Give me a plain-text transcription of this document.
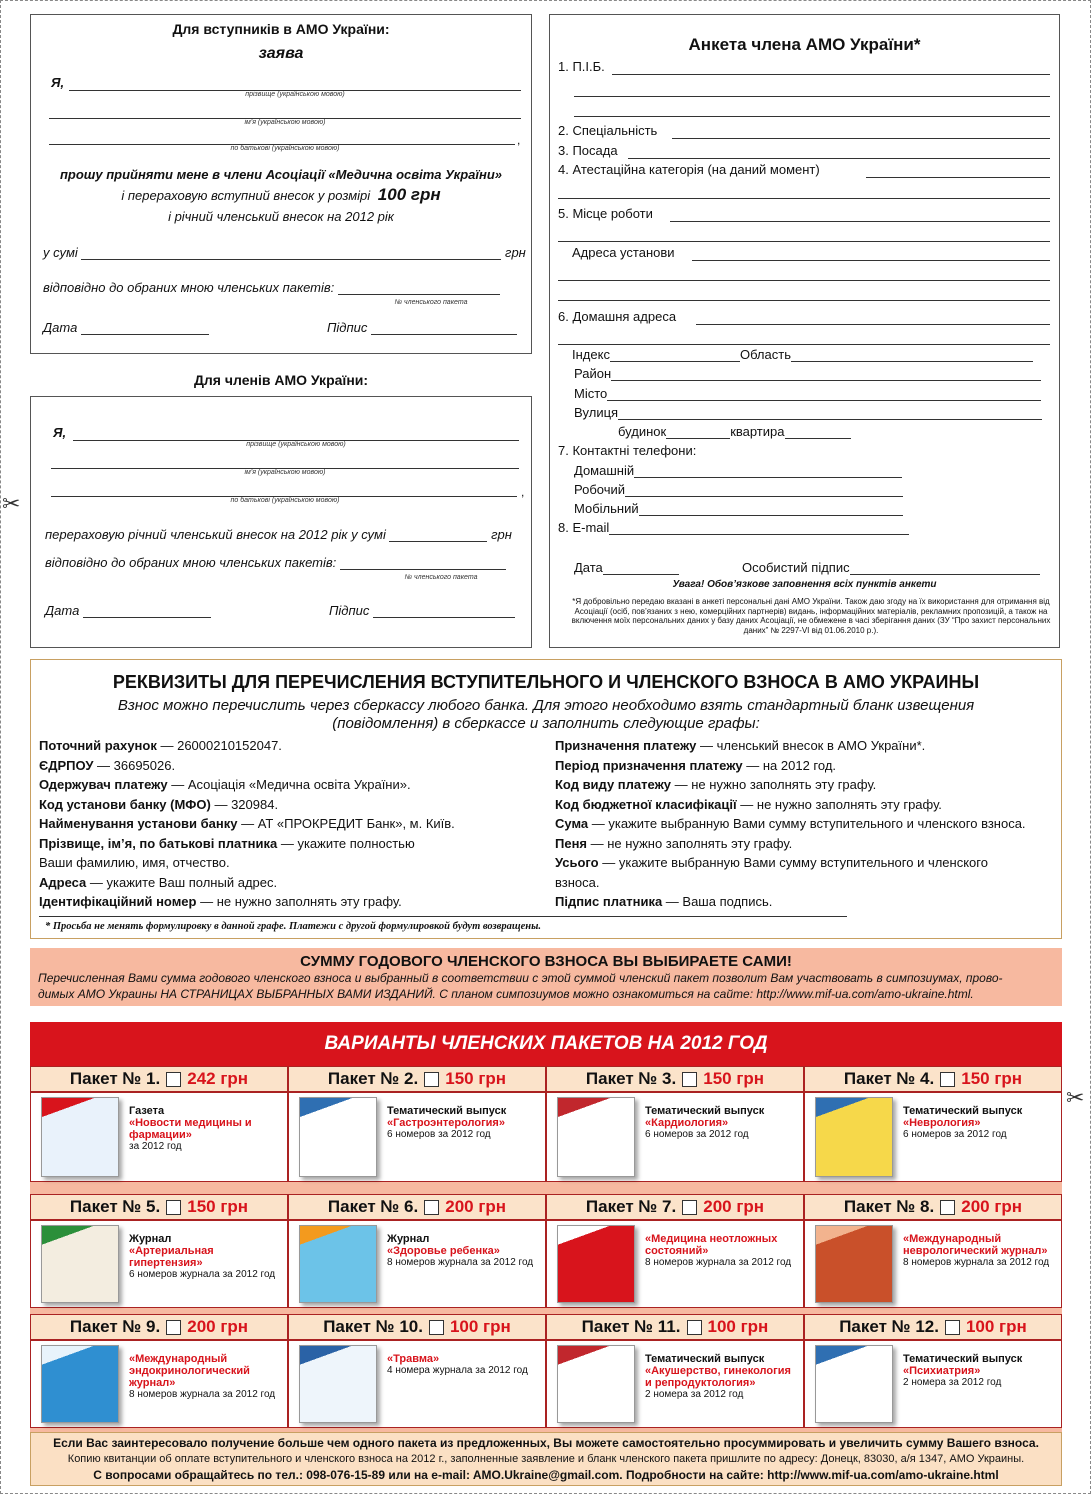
✂
✂
Для вступників в АМО України:
заява
Я,
прізвище (українською мовою)
ім'я (українською мовою)
,
по батькові (українською мовою)
прошу прийняти мене в члени Асоціації «Медична освіта України»
і перераховую вступний внесок у розмірі 100 грн
і річний членський внесок на 2012 рік
у сумі	грн
відповідно до обраних мною членських пакетів:
№ членського пакета
Дата	Підпис
Для членів АМО України:
Я,
прізвище (українською мовою)
ім'я (українською мовою)
,
по батькові (українською мовою)
перераховую річний членський внесок на 2012 рік у сумі	грн
відповідно до обраних мною членських пакетів:
№ членського пакета
Дата	Підпис
Анкета члена АМО України*
1. П.І.Б.
2. Спеціальність
3. Посада
4. Атестаційна категорія (на даний момент)
5. Місце роботи
Адреса установи
6. Домашня адреса
Індекс	Область
Район
Місто
Вулиця
будинок	квартира
7. Контактні телефони:
Домашній
Робочий
Мобільний
8. E-mail
Дата	Особистий підпис
Увага! Обов’язкове заповнення всіх пунктів анкети
*Я добровільно передаю вказані в анкеті персональні дані АМО України. Також даю згоду на їх використання для отримання від Асоціації (осіб, пов’язаних з нею, комерційних партнерів) видань, інформаційних матеріалів, рекламних пропозицій, а також на включення моїх персональних даних у базу даних Асоціації, не обмежене в часі зберігання даних (ЗУ “Про захист персональних даних” № 2297-VI від 01.06.2010 р.).
РЕКВИЗИТЫ ДЛЯ ПЕРЕЧИСЛЕНИЯ ВСТУПИТЕЛЬНОГО И ЧЛЕНСКОГО ВЗНОСА В АМО УКРАИНЫ
Взнос можно перечислить через сберкассу любого банка. Для этого необходимо взять стандартный бланк извещения
(повідомлення) в сберкассе и заполнить следующие графы:
Поточний рахунок — 26000210152047.
ЄДРПОУ — 36695026.
Одержувач платежу — Асоціація «Медична освіта України».
Код установи банку (МФО) — 320984.
Найменування установи банку — АТ «ПРОКРЕДИТ Банк», м. Київ.
Прізвище, ім’я, по батькові платника — укажите полностью
Ваши фамилию, имя, отчество.
Адреса — укажите Ваш полный адрес.
Ідентифікаційний номер — не нужно заполнять эту графу.
Призначення платежу — членський внесок в АМО України*.
Період призначення платежу — на 2012 год.
Код виду платежу — не нужно заполнять эту графу.
Код бюджетної класифікації — не нужно заполнять эту графу.
Сума — укажите выбранную Вами сумму вступительного и членского взноса.
Пеня — не нужно заполнять эту графу.
Усього — укажите выбранную Вами сумму вступительного и членского
взноса.
Підпис платника — Ваша подпись.
* Просьба не менять формулировку в данной графе. Платежи с другой формулировкой будут возвращены.
СУММУ ГОДОВОГО ЧЛЕНСКОГО ВЗНОСА ВЫ ВЫБИРАЕТЕ САМИ!
Перечисленная Вами сумма годового членского взноса и выбранный в соответствии с этой суммой членский пакет позволит Вам участвовать в симпозиумах, прово-
димых АМО Украины НА СТРАНИЦАХ ВЫБРАННЫХ ВАМИ ИЗДАНИЙ. С планом симпозиумов можно ознакомиться на сайте: http://www.mif-ua.com/amo-ukraine.html.
ВАРИАНТЫ ЧЛЕНСКИХ ПАКЕТОВ НА 2012 ГОД
Пакет № 1. 242 грн
Газета
«Новости медицины и фармации»
за 2012 год
Пакет № 2. 150 грн
Тематический выпуск
«Гастроэнтерология»
6 номеров за 2012 год
Пакет № 3. 150 грн
Тематический выпуск
«Кардиология»
6 номеров за 2012 год
Пакет № 4. 150 грн
Тематический выпуск
«Неврология»
6 номеров за 2012 год
Пакет № 5. 150 грн
Журнал
«Артериальная гипертензия»
6 номеров журнала за 2012 год
Пакет № 6. 200 грн
Журнал
«Здоровье ребенка»
8 номеров журнала за 2012 год
Пакет № 7. 200 грн
«Медицина неотложных состояний»
8 номеров журнала за 2012 год
Пакет № 8. 200 грн
«Международный неврологический журнал»
8 номеров журнала за 2012 год
Пакет № 9. 200 грн
«Международный эндокринологический журнал»
8 номеров журнала за 2012 год
Пакет № 10. 100 грн
«Травма»
4 номера журнала за 2012 год
Пакет № 11. 100 грн
Тематический выпуск
«Акушерство, гинекология и репродуктология»
2 номера за 2012 год
Пакет № 12. 100 грн
Тематический выпуск
«Психиатрия»
2 номера за 2012 год
Если Вас заинтересовало получение больше чем одного пакета из предложенных, Вы можете самостоятельно просуммировать и увеличить сумму Вашего взноса.
Копию квитанции об оплате вступительного и членского взноса на 2012 г., заполненные заявление и бланк членского пакета пришлите по адресу: Донецк, 83030, а/я 1347, АМО Украины.
С вопросами обращайтесь по тел.: 098-076-15-89 или на e-mail: AMO.Ukraine@gmail.com. Подробности на сайте: http://www.mif-ua.com/amo-ukraine.html
